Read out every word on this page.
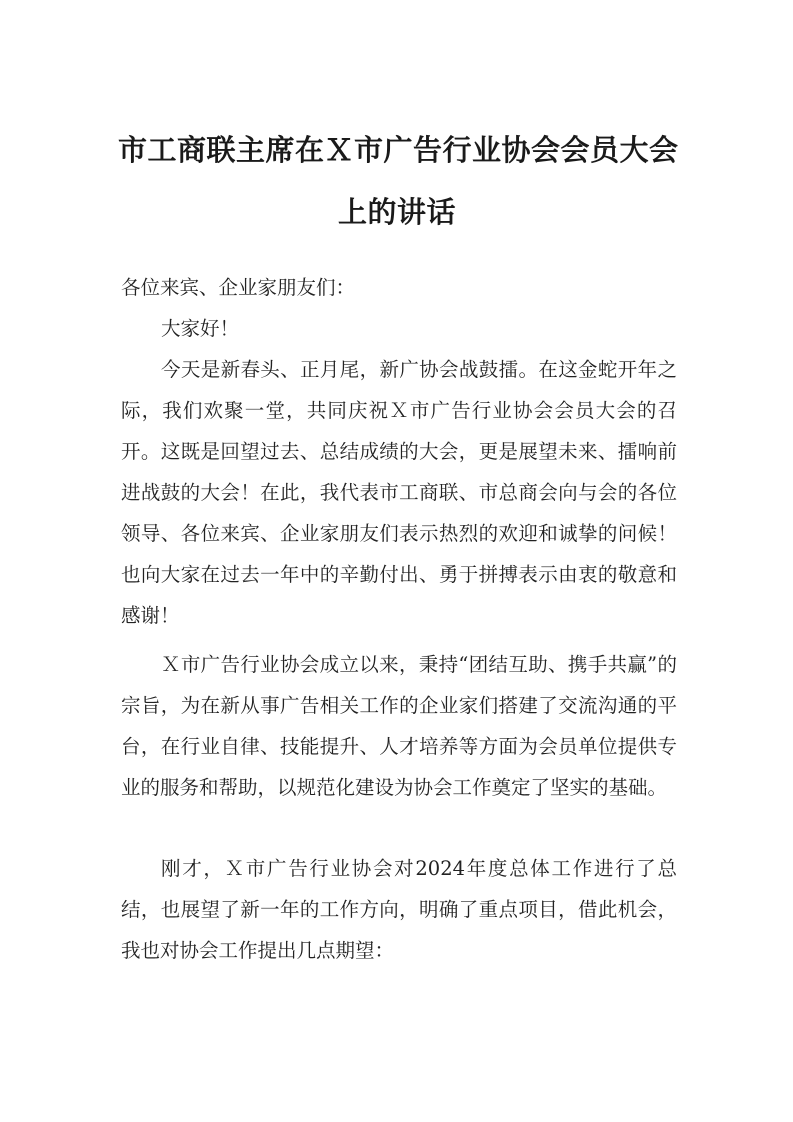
市工商联主席在Ｘ市广告行业协会会员大会
上的讲话
各位来宾、企业家朋友们：

大家好！

今天是新春头、正月尾，新广协会战鼓擂。在这金蛇开年之际，我们欢聚一堂，共同庆祝Ｘ市广告行业协会会员大会的召开。这既是回望过去、总结成绩的大会，更是展望未来、擂响前进战鼓的大会！在此，我代表市工商联、市总商会向与会的各位领导、各位来宾、企业家朋友们表示热烈的欢迎和诚挚的问候！也向大家在过去一年中的辛勤付出、勇于拼搏表示由衷的敬意和感谢！

Ｘ市广告行业协会成立以来，秉持“团结互助、携手共赢”的宗旨，为在新从事广告相关工作的企业家们搭建了交流沟通的平台，在行业自律、技能提升、人才培养等方面为会员单位提供专业的服务和帮助，以规范化建设为协会工作奠定了坚实的基础。

刚才，Ｘ市广告行业协会对2024年度总体工作进行了总结，也展望了新一年的工作方向，明确了重点项目，借此机会，我也对协会工作提出几点期望：
